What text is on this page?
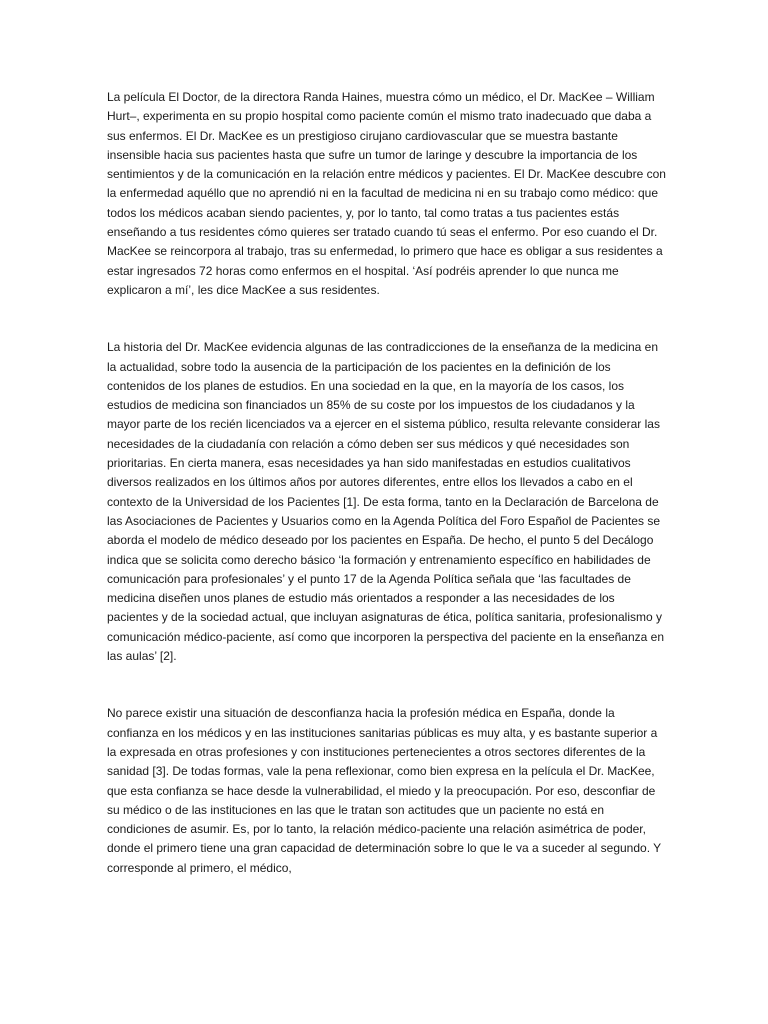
La película El Doctor, de la directora Randa Haines, muestra cómo un médico, el Dr. MacKee – William Hurt–, experimenta en su propio hospital como paciente común el mismo trato inadecuado que daba a sus enfermos. El Dr. MacKee es un prestigioso cirujano cardiovascular que se muestra bastante insensible hacia sus pacientes hasta que sufre un tumor de laringe y descubre la importancia de los sentimientos y de la comunicación en la relación entre médicos y pacientes. El Dr. MacKee descubre con la enfermedad aquéllo que no aprendió ni en la facultad de medicina ni en su trabajo como médico: que todos los médicos acaban siendo pacientes, y, por lo tanto, tal como tratas a tus pacientes estás enseñando a tus residentes cómo quieres ser tratado cuando tú seas el enfermo. Por eso cuando el Dr. MacKee se reincorpora al trabajo, tras su enfermedad, lo primero que hace es obligar a sus residentes a estar ingresados 72 horas como enfermos en el hospital. ‘Así podréis aprender lo que nunca me explicaron a mí’, les dice MacKee a sus residentes.

La historia del Dr. MacKee evidencia algunas de las contradicciones de la enseñanza de la medicina en la actualidad, sobre todo la ausencia de la participación de los pacientes en la definición de los contenidos de los planes de estudios. En una sociedad en la que, en la mayoría de los casos, los estudios de medicina son financiados un 85% de su coste por los impuestos de los ciudadanos y la mayor parte de los recién licenciados va a ejercer en el sistema público, resulta relevante considerar las necesidades de la ciudadanía con relación a cómo deben ser sus médicos y qué necesidades son prioritarias. En cierta manera, esas necesidades ya han sido manifestadas en estudios cualitativos diversos realizados en los últimos años por autores diferentes, entre ellos los llevados a cabo en el contexto de la Universidad de los Pacientes [1]. De esta forma, tanto en la Declaración de Barcelona de las Asociaciones de Pacientes y Usuarios como en la Agenda Política del Foro Español de Pacientes se aborda el modelo de médico deseado por los pacientes en España. De hecho, el punto 5 del Decálogo indica que se solicita como derecho básico ‘la formación y entrenamiento específico en habilidades de comunicación para profesionales’ y el punto 17 de la Agenda Política señala que ‘las facultades de medicina diseñen unos planes de estudio más orientados a responder a las necesidades de los pacientes y de la sociedad actual, que incluyan asignaturas de ética, política sanitaria, profesionalismo y comunicación médico-paciente, así como que incorporen la perspectiva del paciente en la enseñanza en las aulas’ [2].

No parece existir una situación de desconfianza hacia la profesión médica en España, donde la confianza en los médicos y en las instituciones sanitarias públicas es muy alta, y es bastante superior a la expresada en otras profesiones y con instituciones pertenecientes a otros sectores diferentes de la sanidad [3]. De todas formas, vale la pena reflexionar, como bien expresa en la película el Dr. MacKee, que esta confianza se hace desde la vulnerabilidad, el miedo y la preocupación. Por eso, desconfiar de su médico o de las instituciones en las que le tratan son actitudes que un paciente no está en condiciones de asumir. Es, por lo tanto, la relación médico-paciente una relación asimétrica de poder, donde el primero tiene una gran capacidad de determinación sobre lo que le va a suceder al segundo. Y corresponde al primero, el médico,
